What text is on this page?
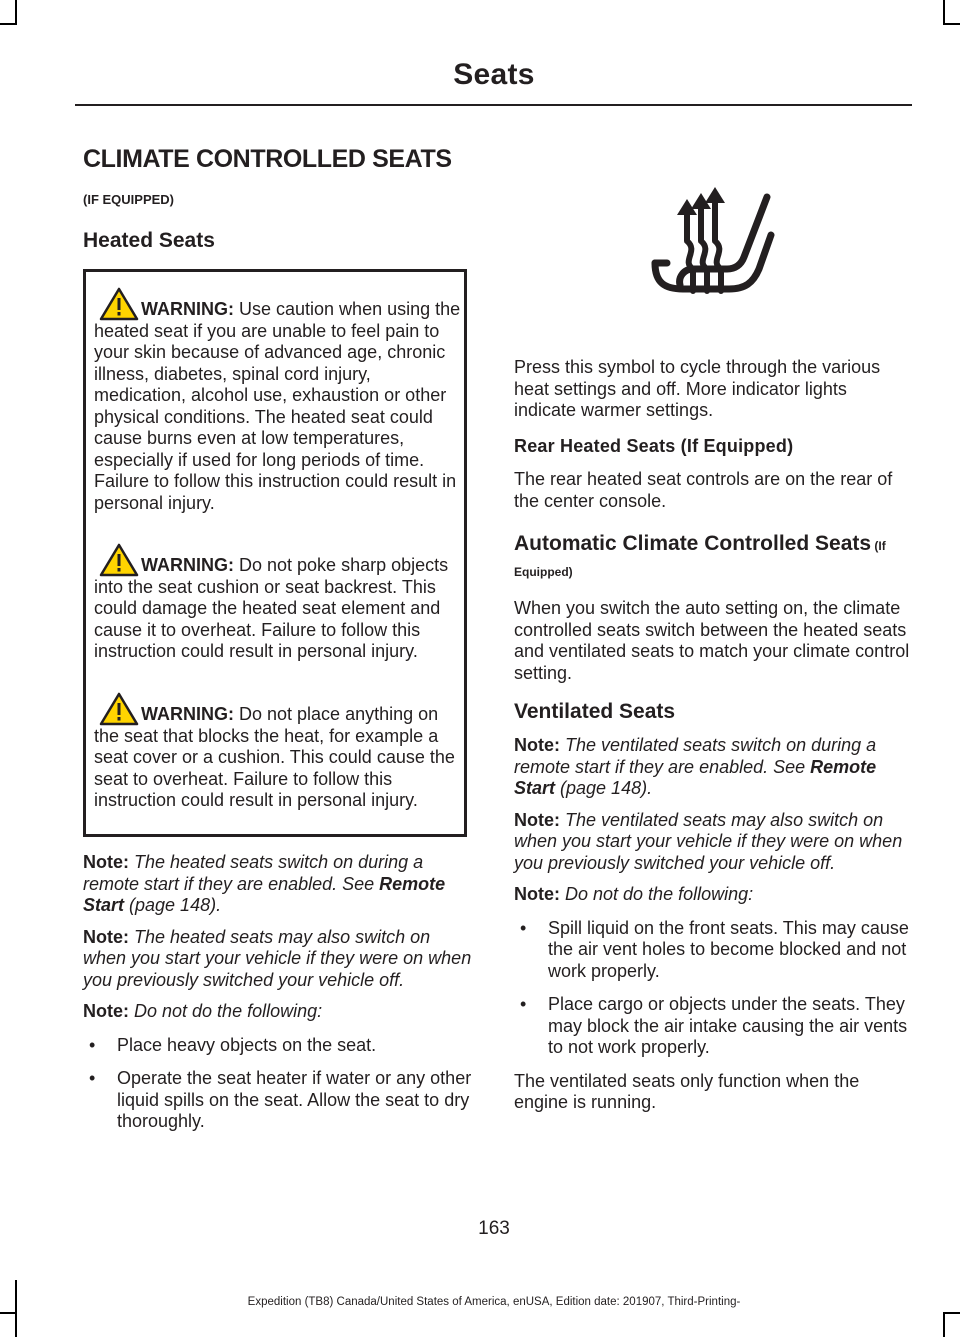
Seats
CLIMATE CONTROLLED SEATS
(IF EQUIPPED)
Heated Seats

WARNING: Use caution when using the heated seat if you are unable to feel pain to your skin because of advanced age, chronic illness, diabetes, spinal cord injury, medication, alcohol use, exhaustion or other physical conditions. The heated seat could cause burns even at low temperatures, especially if used for long periods of time. Failure to follow this instruction could result in personal injury.

WARNING: Do not poke sharp objects into the seat cushion or seat backrest. This could damage the heated seat element and cause it to overheat. Failure to follow this instruction could result in personal injury.

WARNING: Do not place anything on the seat that blocks the heat, for example a seat cover or a cushion. This could cause the seat to overheat. Failure to follow this instruction could result in personal injury.

Note: The heated seats switch on during a remote start if they are enabled. See Remote Start (page 148).

Note: The heated seats may also switch on when you start your vehicle if they were on when you previously switched your vehicle off.

Note: Do not do the following:

• Place heavy objects on the seat.
• Operate the seat heater if water or any other liquid spills on the seat. Allow the seat to dry thoroughly.

Press this symbol to cycle through the various heat settings and off. More indicator lights indicate warmer settings.

Rear Heated Seats (If Equipped)

The rear heated seat controls are on the rear of the center console.

Automatic Climate Controlled Seats (If Equipped)

When you switch the auto setting on, the climate controlled seats switch between the heated seats and ventilated seats to match your climate control setting.

Ventilated Seats

Note: The ventilated seats switch on during a remote start if they are enabled. See Remote Start (page 148).

Note: The ventilated seats may also switch on when you start your vehicle if they were on when you previously switched your vehicle off.

Note: Do not do the following:

• Spill liquid on the front seats. This may cause the air vent holes to become blocked and not work properly.
• Place cargo or objects under the seats. They may block the air intake causing the air vents to not work properly.

The ventilated seats only function when the engine is running.

163
Expedition (TB8) Canada/United States of America, enUSA, Edition date: 201907, Third-Printing-
